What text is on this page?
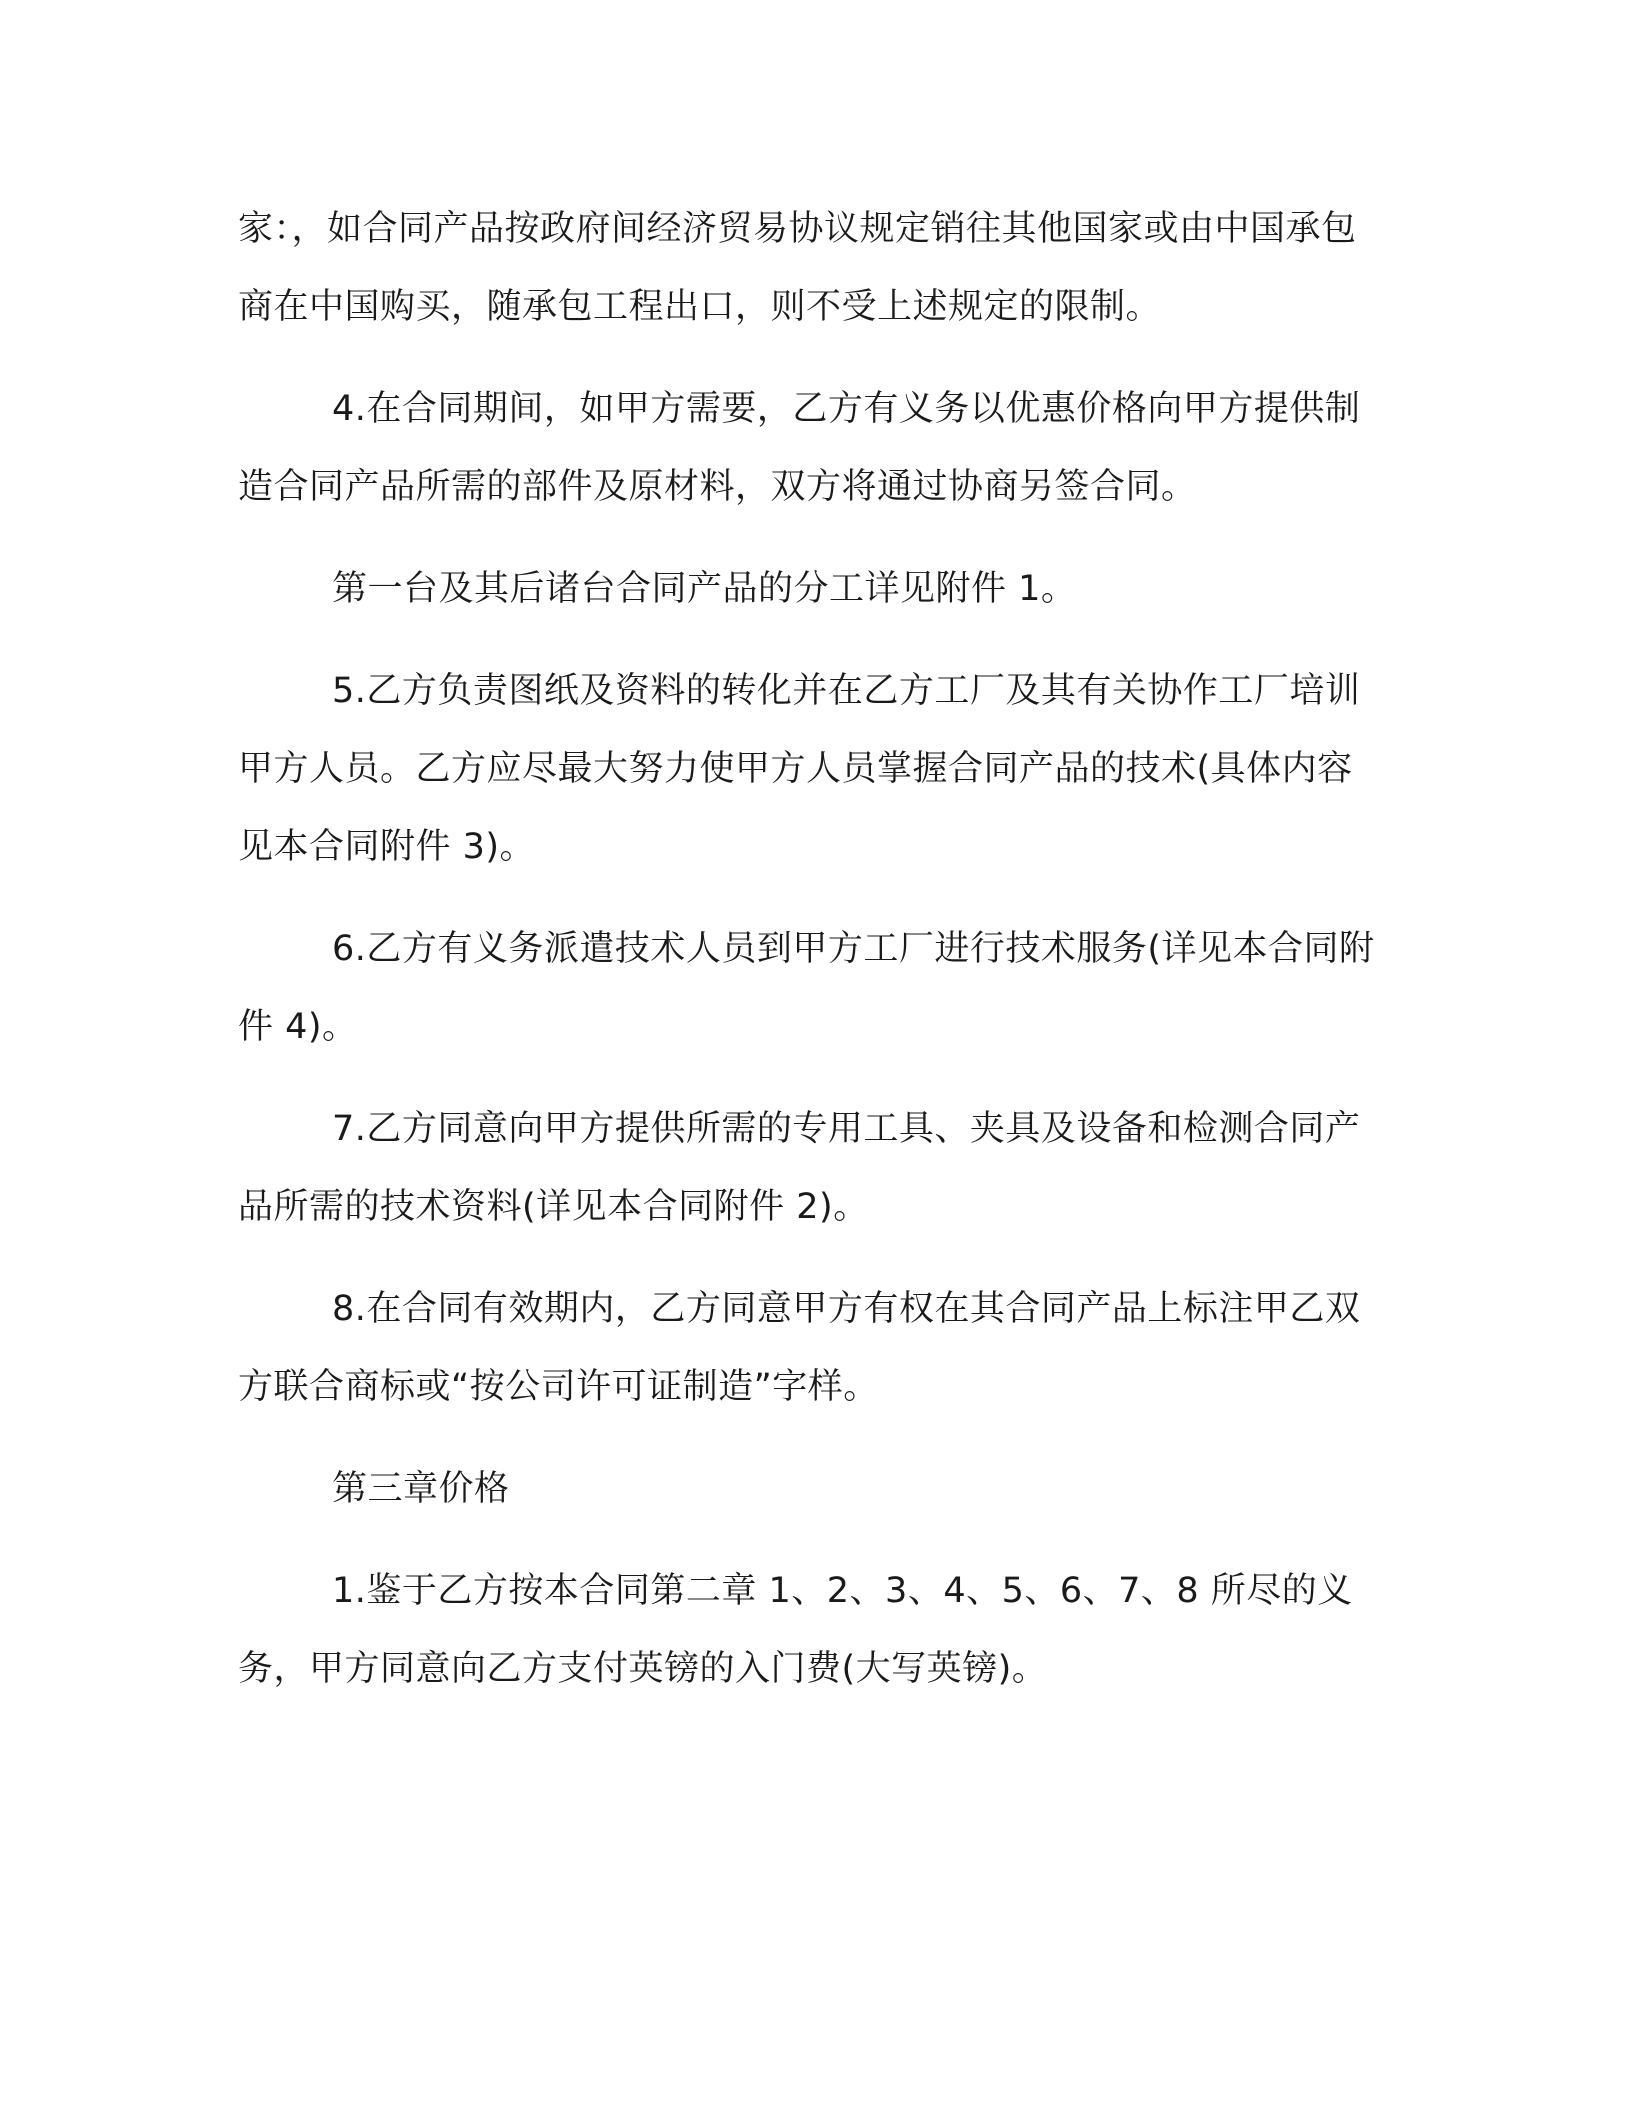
家：，如合同产品按政府间经济贸易协议规定销往其他国家或由中国承包商在中国购买，随承包工程出口，则不受上述规定的限制。

4.在合同期间，如甲方需要，乙方有义务以优惠价格向甲方提供制造合同产品所需的部件及原材料，双方将通过协商另签合同。

第一台及其后诸台合同产品的分工详见附件 1。

5.乙方负责图纸及资料的转化并在乙方工厂及其有关协作工厂培训甲方人员。乙方应尽最大努力使甲方人员掌握合同产品的技术(具体内容见本合同附件 3)。

6.乙方有义务派遣技术人员到甲方工厂进行技术服务(详见本合同附件 4)。

7.乙方同意向甲方提供所需的专用工具、夹具及设备和检测合同产品所需的技术资料(详见本合同附件 2)。

8.在合同有效期内，乙方同意甲方有权在其合同产品上标注甲乙双方联合商标或“按公司许可证制造”字样。

第三章价格

1.鉴于乙方按本合同第二章 1、2、3、4、5、6、7、8 所尽的义务，甲方同意向乙方支付英镑的入门费(大写英镑)。
